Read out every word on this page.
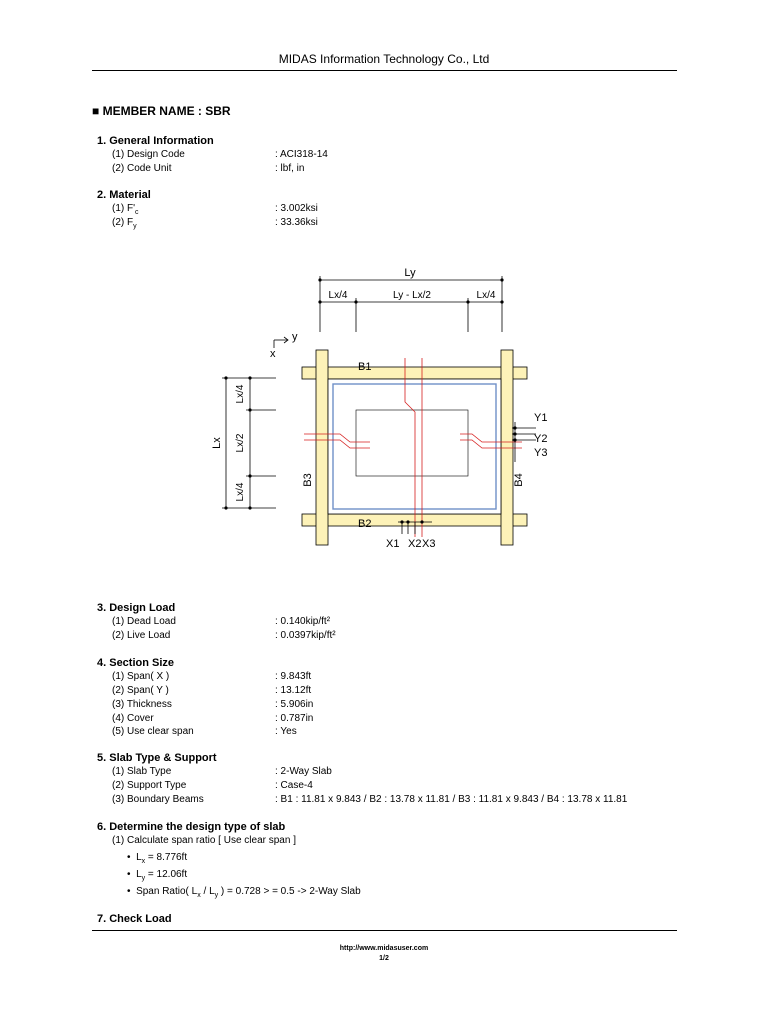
MIDAS Information Technology Co., Ltd
■ MEMBER NAME : SBR
1. General Information
(1) Design Code	: ACI318-14
(2) Code Unit	: lbf, in
2. Material
(1) $F'_c$	: 3.002ksi
(2) $F_y$	: 33.36ksi
Ly
Lx/4	Ly - Lx/2	Lx/4
y
x
Lx
Lx/4
Lx/2
Lx/4
B1
B2
B3	B4
Y1
Y2
Y3
X1 X2 X3
3. Design Load
(1) Dead Load	: 0.140kip/ft²
(2) Live Load	: 0.0397kip/ft²
4. Section Size
(1) Span( X )	: 9.843ft
(2) Span( Y )	: 13.12ft
(3) Thickness	: 5.906in
(4) Cover	: 0.787in
(5) Use clear span	: Yes
5. Slab Type & Support
(1) Slab Type	: 2-Way Slab
(2) Support Type	: Case-4
(3) Boundary Beams	: B1 : 11.81 x 9.843 / B2 : 13.78 x 11.81 / B3 : 11.81 x 9.843 / B4 : 13.78 x 11.81
6. Determine the design type of slab
(1) Calculate span ratio [ Use clear span ]
• $L_x = 8.776ft$
• $L_y = 12.06ft$
• Span Ratio( $L_x / L_y$ ) = 0.728 > = 0.5 -> 2-Way Slab
7. Check Load
http://www.midasuser.com
1/2
